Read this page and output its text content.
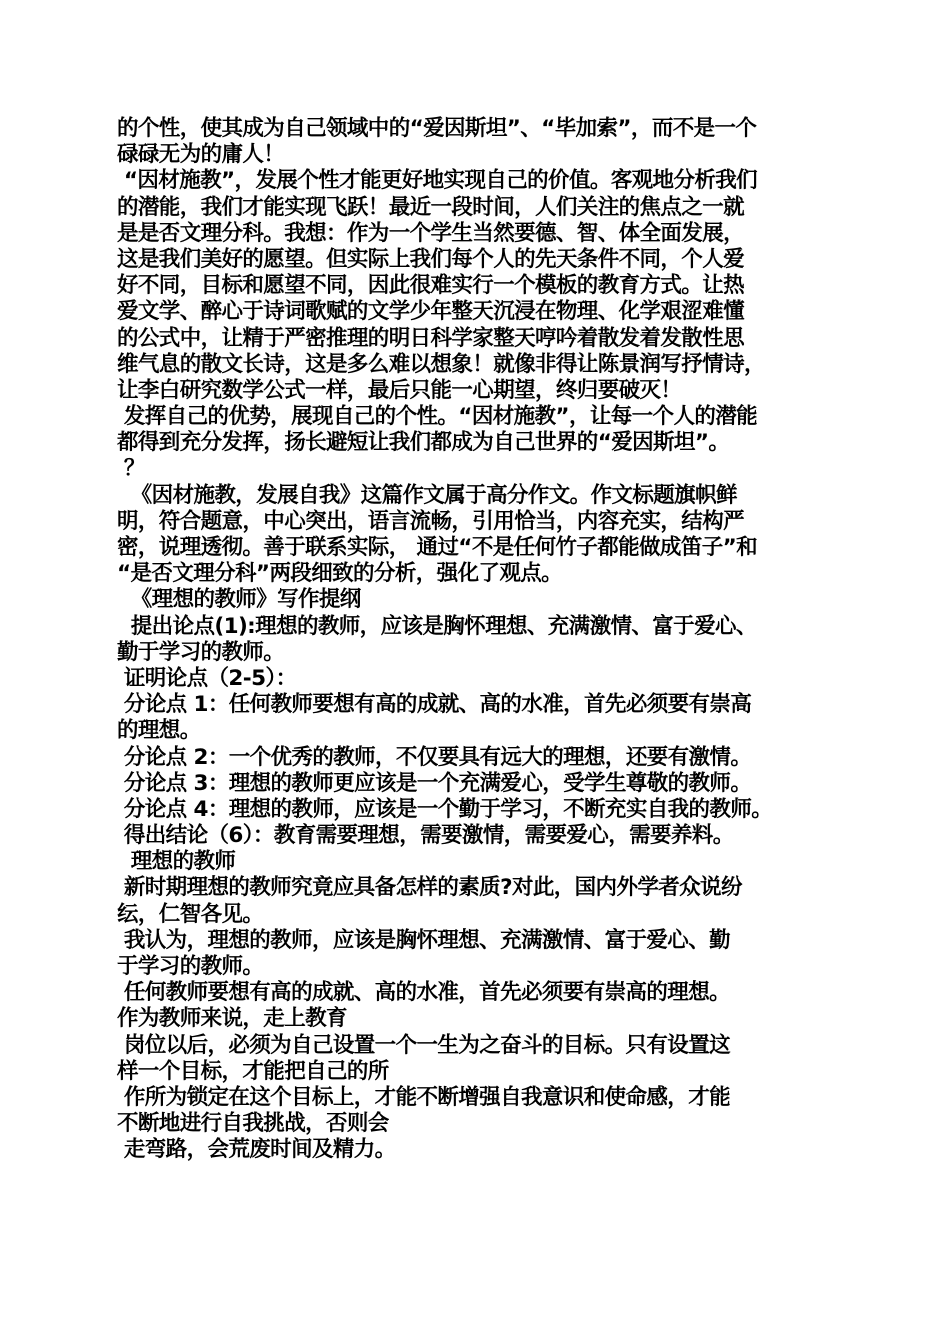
的个性，使其成为自己领域中的“爱因斯坦”、“毕加索”，而不是一个
碌碌无为的庸人！
“因材施教”，发展个性才能更好地实现自己的价值。客观地分析我们
的潜能，我们才能实现飞跃！最近一段时间，人们关注的焦点之一就
是是否文理分科。我想：作为一个学生当然要德、智、体全面发展，
这是我们美好的愿望。但实际上我们每个人的先天条件不同，个人爱
好不同，目标和愿望不同，因此很难实行一个模板的教育方式。让热
爱文学、醉心于诗词歌赋的文学少年整天沉浸在物理、化学艰涩难懂
的公式中，让精于严密推理的明日科学家整天哼吟着散发着发散性思
维气息的散文长诗，这是多么难以想象！就像非得让陈景润写抒情诗，
让李白研究数学公式一样，最后只能一心期望，终归要破灭！
发挥自己的优势，展现自己的个性。“因材施教”，让每一个人的潜能
都得到充分发挥，扬长避短让我们都成为自己世界的“爱因斯坦”。
？
《因材施教，发展自我》这篇作文属于高分作文。作文标题旗帜鲜
明，符合题意，中心突出，语言流畅，引用恰当，内容充实，结构严
密，说理透彻。善于联系实际， 通过“不是任何竹子都能做成笛子”和
“是否文理分科”两段细致的分析，强化了观点。
《理想的教师》写作提纲
提出论点(1):理想的教师，应该是胸怀理想、充满激情、富于爱心、
勤于学习的教师。
证明论点（2-5）：
分论点 1：任何教师要想有高的成就、高的水准，首先必须要有崇高
的理想。
分论点 2：一个优秀的教师，不仅要具有远大的理想，还要有激情。
分论点 3：理想的教师更应该是一个充满爱心，受学生尊敬的教师。
分论点 4：理想的教师，应该是一个勤于学习，不断充实自我的教师。
得出结论（6）：教育需要理想，需要激情，需要爱心，需要养料。
理想的教师
新时期理想的教师究竟应具备怎样的素质?对此，国内外学者众说纷
纭，仁智各见。
我认为，理想的教师，应该是胸怀理想、充满激情、富于爱心、勤
于学习的教师。
任何教师要想有高的成就、高的水准，首先必须要有崇高的理想。
作为教师来说，走上教育
岗位以后，必须为自己设置一个一生为之奋斗的目标。只有设置这
样一个目标，才能把自己的所
作所为锁定在这个目标上，才能不断增强自我意识和使命感，才能
不断地进行自我挑战，否则会
走弯路，会荒废时间及精力。
